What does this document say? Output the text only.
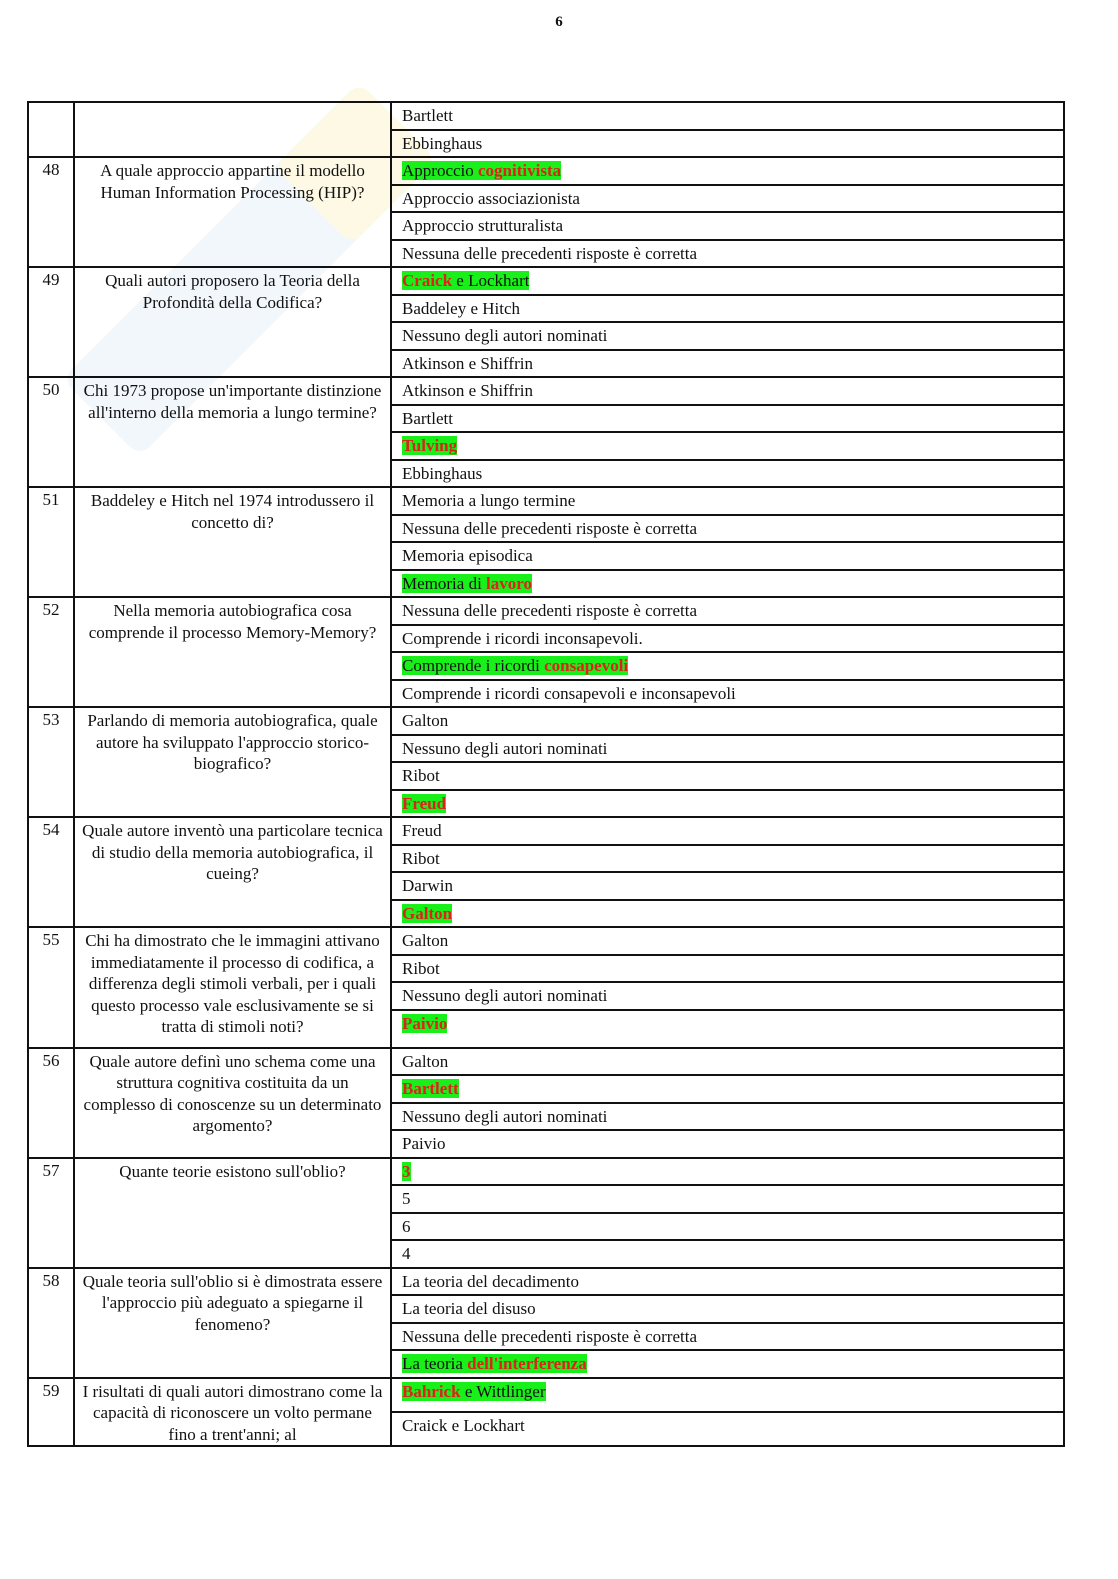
6
		Bartlett
		Ebbinghaus
48	A quale approccio appartine il modello Human Information Processing (HIP)?	Approccio cognitivista
		Approccio associazionista
		Approccio strutturalista
		Nessuna delle precedenti risposte è corretta
49	Quali autori proposero la Teoria della Profondità della Codifica?	Craick e Lockhart
		Baddeley e Hitch
		Nessuno degli autori nominati
		Atkinson e Shiffrin
50	Chi 1973 propose un'importante distinzione all'interno della memoria a lungo termine?	Atkinson e Shiffrin
		Bartlett
		Tulving
		Ebbinghaus
51	Baddeley e Hitch nel 1974 introdussero il concetto di?	Memoria a lungo termine
		Nessuna delle precedenti risposte è corretta
		Memoria episodica
		Memoria di lavoro
52	Nella memoria autobiografica cosa comprende il processo Memory-Memory?	Nessuna delle precedenti risposte è corretta
		Comprende i ricordi inconsapevoli.
		Comprende i ricordi consapevoli
		Comprende i ricordi consapevoli e inconsapevoli
53	Parlando di memoria autobiografica, quale autore ha sviluppato l'approccio storico-biografico?	Galton
		Nessuno degli autori nominati
		Ribot
		Freud
54	Quale autore inventò una particolare tecnica di studio della memoria autobiografica, il cueing?	Freud
		Ribot
		Darwin
		Galton
55	Chi ha dimostrato che le immagini attivano immediatamente il processo di codifica, a differenza degli stimoli verbali, per i quali questo processo vale esclusivamente se si tratta di stimoli noti?	Galton
		Ribot
		Nessuno degli autori nominati
		Paivio
56	Quale autore definì uno schema come una struttura cognitiva costituita da un complesso di conoscenze su un determinato argomento?	Galton
		Bartlett
		Nessuno degli autori nominati
		Paivio
57	Quante teorie esistono sull'oblio?	3
		5
		6
		4
58	Quale teoria sull'oblio si è dimostrata essere l'approccio più adeguato a spiegarne il fenomeno?	La teoria del decadimento
		La teoria del disuso
		Nessuna delle precedenti risposte è corretta
		La teoria dell'interferenza
59	I risultati di quali autori dimostrano come la capacità di riconoscere un volto permane fino a trent'anni; al	Bahrick e Wittlinger
		Craick e Lockhart
